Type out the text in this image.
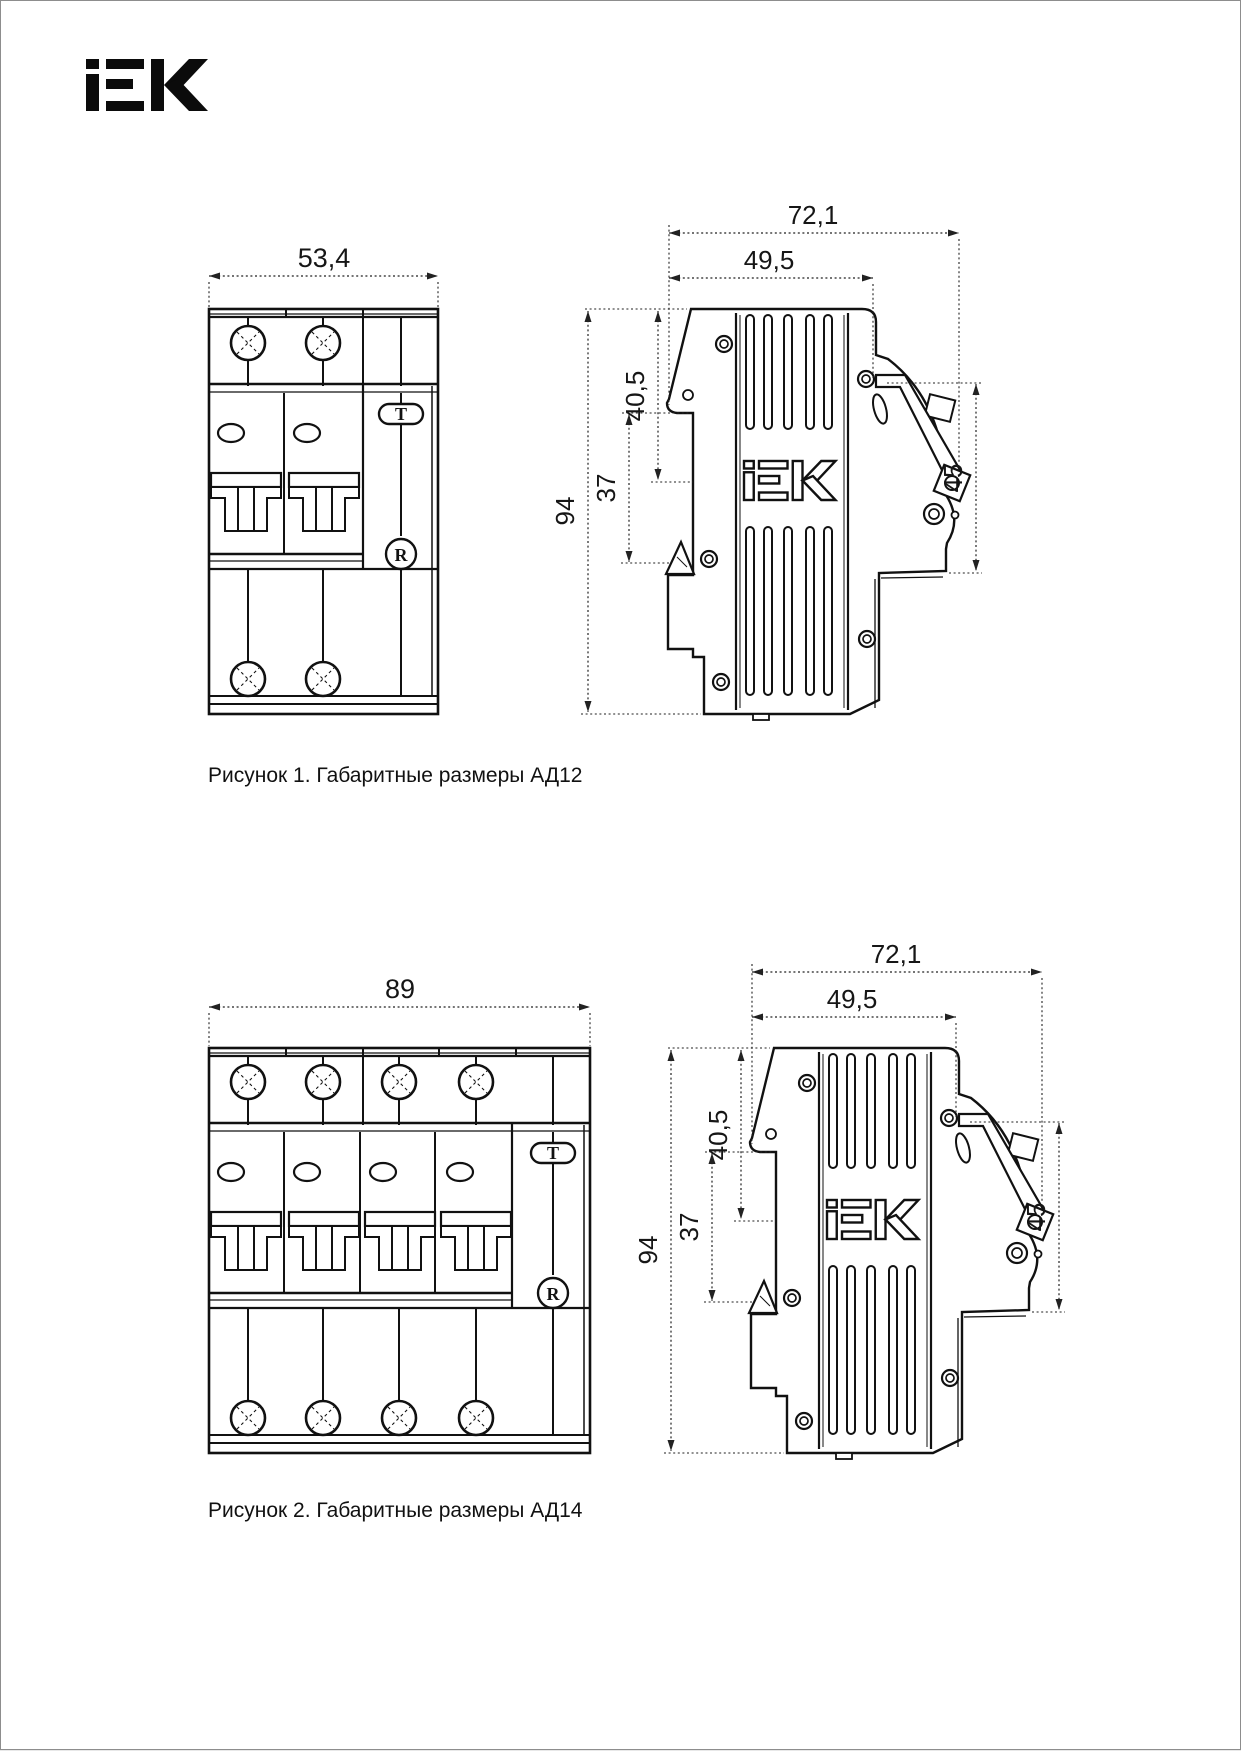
T
R
53,4
72,1
49,5
40,5
37
94
45
Рисунок 1. Габаритные размеры АД12
T
R
89
72,1
49,5
40,5
37
94
45
Рисунок 2. Габаритные размеры АД14
